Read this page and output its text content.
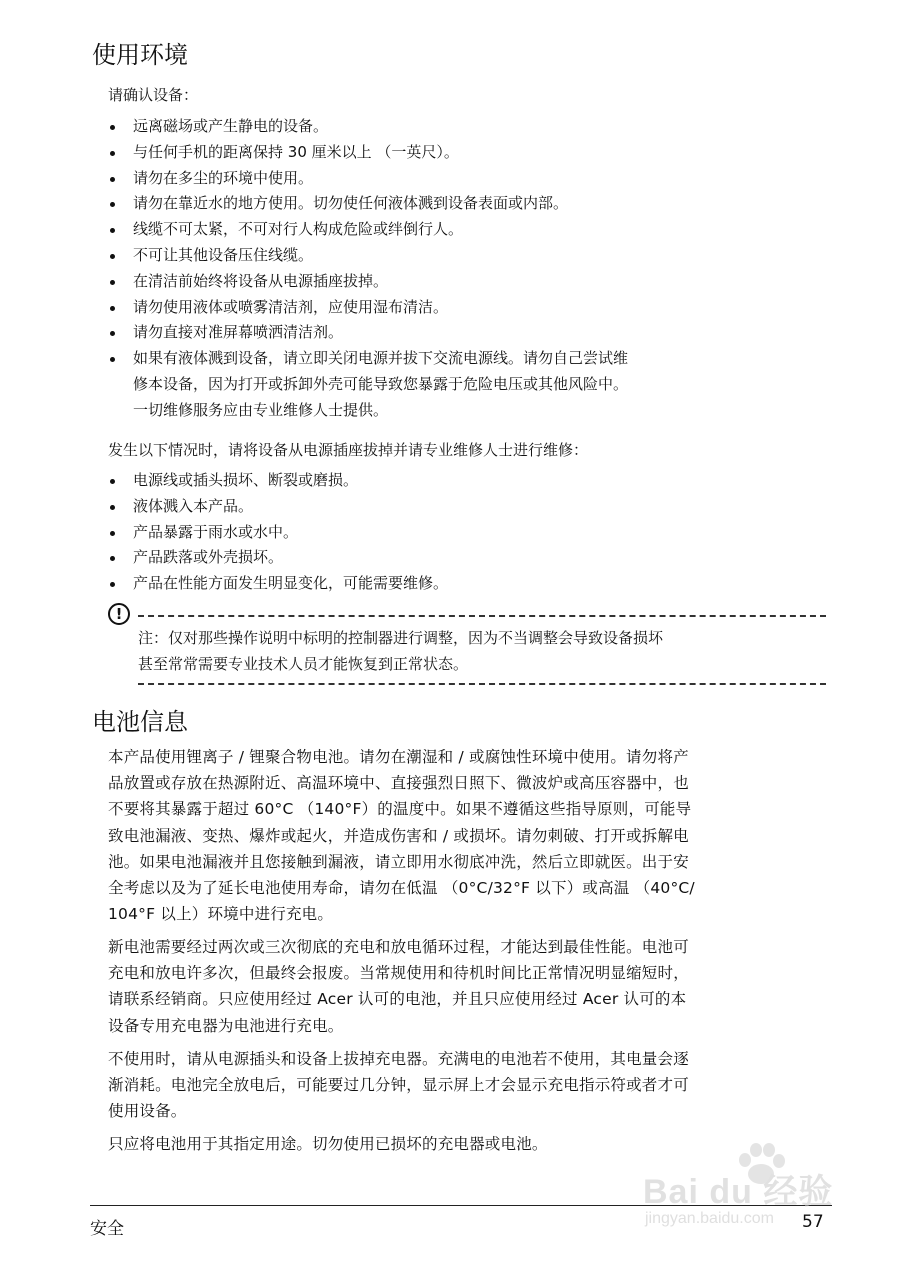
使用环境

请确认设备：

远离磁场或产生静电的设备。
与任何手机的距离保持 30 厘米以上 （一英尺）。
请勿在多尘的环境中使用。
请勿在靠近水的地方使用。切勿使任何液体溅到设备表面或内部。
线缆不可太紧，不可对行人构成危险或绊倒行人。
不可让其他设备压住线缆。
在清洁前始终将设备从电源插座拔掉。
请勿使用液体或喷雾清洁剂，应使用湿布清洁。
请勿直接对准屏幕喷洒清洁剂。
如果有液体溅到设备，请立即关闭电源并拔下交流电源线。请勿自己尝试维
修本设备，因为打开或拆卸外壳可能导致您暴露于危险电压或其他风险中。
一切维修服务应由专业维修人士提供。

发生以下情况时，请将设备从电源插座拔掉并请专业维修人士进行维修：

电源线或插头损坏、断裂或磨损。
液体溅入本产品。
产品暴露于雨水或水中。
产品跌落或外壳损坏。
产品在性能方面发生明显变化，可能需要维修。
!
注：仅对那些操作说明中标明的控制器进行调整，因为不当调整会导致设备损坏
甚至常常需要专业技术人员才能恢复到正常状态。
电池信息
本产品使用锂离子 / 锂聚合物电池。请勿在潮湿和 / 或腐蚀性环境中使用。请勿将产
品放置或存放在热源附近、高温环境中、直接强烈日照下、微波炉或高压容器中，也
不要将其暴露于超过 60°C （140°F）的温度中。如果不遵循这些指导原则，可能导
致电池漏液、变热、爆炸或起火，并造成伤害和 / 或损坏。请勿刺破、打开或拆解电
池。如果电池漏液并且您接触到漏液，请立即用水彻底冲洗，然后立即就医。出于安
全考虑以及为了延长电池使用寿命，请勿在低温 （0°C/32°F 以下）或高温 （40°C/
104°F 以上）环境中进行充电。
新电池需要经过两次或三次彻底的充电和放电循环过程，才能达到最佳性能。电池可
充电和放电许多次，但最终会报废。当常规使用和待机时间比正常情况明显缩短时，
请联系经销商。只应使用经过 Acer 认可的电池，并且只应使用经过 Acer 认可的本
设备专用充电器为电池进行充电。
不使用时，请从电源插头和设备上拔掉充电器。充满电的电池若不使用，其电量会逐
渐消耗。电池完全放电后，可能要过几分钟，显示屏上才会显示充电指示符或者才可
使用设备。
只应将电池用于其指定用途。切勿使用已损坏的充电器或电池。
安全	57
Bai du 经验
jingyan.baidu.com
